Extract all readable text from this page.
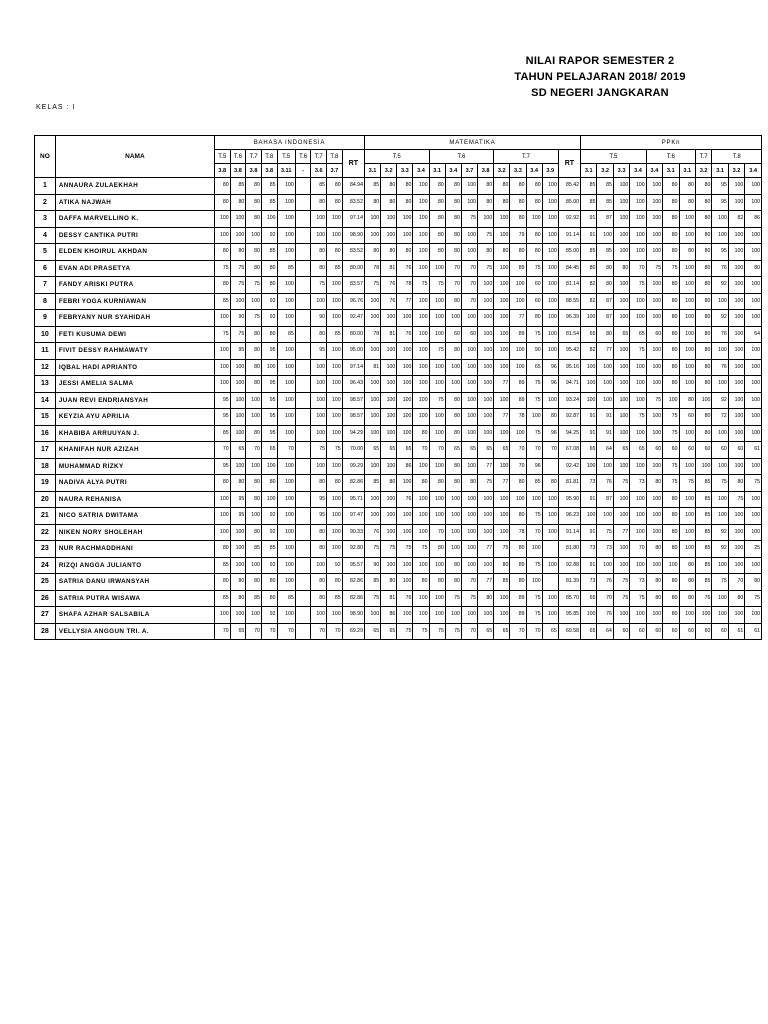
NILAI RAPOR SEMESTER 2
TAHUN PELAJARAN 2018/ 2019
SD NEGERI JANGKARAN
KELAS : I
NO	NAMA	BAHASA INDONESIA									MATEMATIKA													PPKn										
		T.5	T.6	T.7	T.8	T.5	T.6	T.7	T.8	RT	T.5				T.6				T.7				RT	T.5				T.6			T.7	T.8		
		3.8	3.8	3.8	3.8	3.11	-	3.6	3.7		3.1	3.2	3.3	3.4	3.1	3.4	3.7	3.8	3.2	3.3	3.4	3.9		3.1	3.2	3.3	3.4	3.4	3.1	3.1	3.2	3.1	3.2	3.4
1	ANNAURA ZULAEKHAH	80	85	80	85	100		85	80	84.94	85	80	80	100	80	80	100	80	80	80	80	100	85.42	85	85	100	100	100	80	80	80	95	100	100
2	ATIKA NAJWAH	80	80	80	85	100		80	80	83.52	80	80	80	100	80	80	100	80	80	80	80	100	85.00	85	85	100	100	100	80	80	80	95	100	100
3	DAFFA MARVELLINO K.	100	100	80	100	100		100	100	97.14	100	100	100	100	80	80	75	100	100	80	100	100	92.92	91	87	100	100	100	80	100	80	100	82	86
4	DESSY CANTIKA PUTRI	100	100	100	92	100		100	100	98.90	100	100	100	100	80	80	100	75	100	79	80	100	91.14	91	100	100	100	100	80	100	80	100	100	100
5	ELDEN KHOIRUL AKHDAN	80	80	80	85	100		80	80	83.52	80	80	80	100	80	80	100	80	80	80	80	100	85.00	85	85	100	100	100	80	80	80	95	100	100
6	EVAN ADI PRASETYA	75	75	80	80	85		80	85	80.00	78	81	76	100	100	70	70	75	100	89	75	100	84.45	80	80	80	70	75	75	100	80	76	100	80
7	FANDY ARISKI PUTRA	80	75	75	80	100		75	100	83.57	75	76	78	75	75	70	70	100	100	100	60	100	81.14	82	80	100	75	100	80	100	80	92	100	100
8	FEBRI YOGA KURNIAWAN	85	100	100	92	100		100	100	96.76	100	76	77	100	100	80	70	100	100	100	60	100	88.55	82	87	100	100	100	80	100	80	100	100	100
9	FEBRYANY NUR SYAHIDAH	100	90	75	92	100		90	100	92.47	100	100	100	100	100	100	100	100	100	77	80	100	96.39	100	87	100	100	100	80	100	80	92	100	100
10	FETI KUSUMA DEWI	75	75	80	80	85		80	85	80.00	78	81	76	100	100	60	60	100	100	89	75	100	81.54	65	80	65	65	60	80	100	80	76	100	64
11	FIVIT DESSY RAHMAWATY	100	95	80	95	100		95	100	95.00	100	100	100	100	75	80	100	100	100	100	90	100	95.42	82	77	100	75	100	80	100	80	100	100	100
12	IQBAL HADI APRIANTO	100	100	80	100	100		100	100	97.14	81	100	100	100	100	100	100	100	100	100	65	96	95.16	100	100	100	100	100	80	100	80	76	100	100
13	JESSI AMELIA SALMA	100	100	80	95	100		100	100	96.43	100	100	100	100	100	100	100	100	77	89	75	96	94.71	100	100	100	100	100	80	100	80	100	100	100
14	JUAN REVI ENDRIANSYAH	95	100	100	95	100		100	100	98.57	100	100	100	100	75	80	100	100	100	89	75	100	93.24	100	100	100	100	75	100	80	100	92	100	100
15	KEYZIA AYU APRILIA	95	100	100	95	100		100	100	98.57	100	100	100	100	100	80	100	100	77	78	100	80	92.87	91	91	100	75	100	75	60	80	72	100	100
16	KHABIBA ARRUUYAN J.	85	100	80	95	100		100	100	94.29	100	100	100	80	100	80	100	100	100	100	75	96	94.25	91	91	100	100	100	75	100	80	100	100	100
17	KHANIFAH NUR AZIZAH	70	65	70	65	70		75	75	70.00	65	65	65	70	70	65	65	65	65	70	70	70	67.08	65	64	65	65	60	60	60	60	60	60	61
18	MUHAMMAD RIZKY	95	100	100	100	100		100	100	99.29	100	100	86	100	100	80	100	77	100	70	96		92.42	100	100	100	100	100	75	100	100	100	100	100
19	NADIVA ALYA PUTRI	80	80	80	80	100		80	80	82.86	85	80	100	80	80	80	80	75	77	80	85	80	81.81	73	76	75	73	80	75	75	85	75	80	75
20	NAURA REHANISA	100	95	80	100	100		95	100	95.71	100	100	76	100	100	100	100	100	100	100	100	100	95.90	91	87	100	100	100	80	100	85	100	75	100
21	NICO SATRIA DWITAMA	100	95	100	92	100		95	100	97.47	100	100	100	100	100	100	100	100	100	80	75	100	96.23	100	100	100	100	100	80	100	85	100	100	100
22	NIKEN NORY SHOLEHAH	100	100	80	92	100		80	100	90.33	76	100	100	100	70	100	100	100	100	78	70	100	91.14	91	75	77	100	100	80	100	85	92	100	100
23	NUR RACHMADDHANI	80	100	85	85	100		80	100	92.80	75	75	75	75	80	100	100	77	75	80	100		81.80	73	73	100	70	80	80	100	85	92	100	25
24	RIZQI ANGGA JULIANTO	85	100	100	92	100		100	92	95.57	90	100	100	100	100	80	100	100	80	89	75	100	92.88	91	100	100	100	100	100	80	85	100	100	100
25	SATRIA DANU IRWANSYAH	80	80	80	80	100		80	80	82.86	85	80	100	80	80	80	70	77	85	80	100		81.39	73	76	75	73	80	80	80	85	75	70	80
26	SATRIA PUTRA WISAWA	85	80	85	80	85		80	85	82.86	75	81	76	100	100	75	75	80	100	89	75	100	85.70	65	70	75	75	80	80	80	76	100	80	75
27	SHAFA AZHAR SALSABILA	100	100	100	92	100		100	100	98.90	100	86	100	100	100	100	100	100	100	89	75	100	95.85	100	76	100	100	100	80	100	100	100	100	100
28	VELLYSIA ANGGUN TRI. A.	70	65	70	70	70		70	70	69.29	65	65	75	75	75	75	70	65	65	70	70	65	69.58	65	64	60	60	60	60	60	60	60	61	61
